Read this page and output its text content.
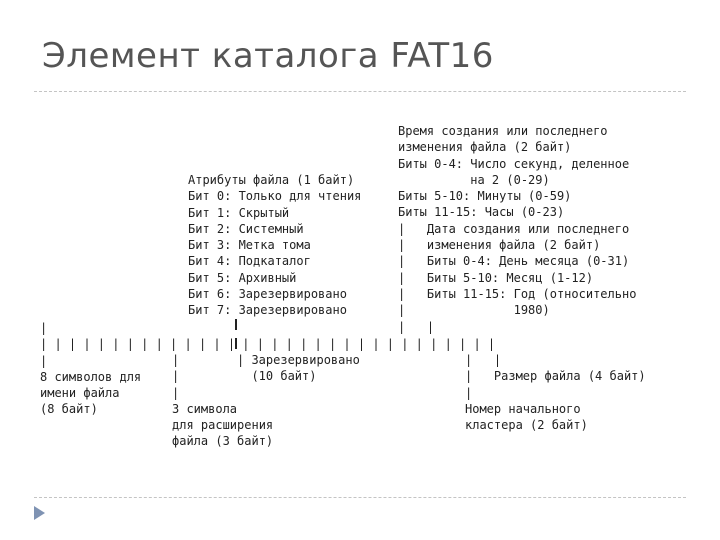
Элемент каталога FAT16
Атрибуты файла (1 байт)
Бит 0: Только для чтения
Бит 1: Скрытый
Бит 2: Системный
Бит 3: Метка тома
Бит 4: Подкаталог
Бит 5: Архивный
Бит 6: Зарезервировано
Бит 7: Зарезервировано
Время создания или последнего
изменения файла (2 байт)
Биты 0-4: Число секунд, деленное
на 2 (0-29)
Биты 5-10: Минуты (0-59)
Биты 11-15: Часы (0-23)
|   Дата создания или последнего
|   изменения файла (2 байт)
|   Биты 0-4: День месяца (0-31)
|   Биты 5-10: Месяц (1-12)
|   Биты 11-15: Год (относительно
|               1980)
|   |
| | | | | | | | | | | | | | | | | | | | | | | | | | | | | | | |
|

|
8 символов для
имени файла
(8 байт)
|
|
|
3 символа
для расширения
файла (3 байт)
| Зарезервировано
(10 байт)
|   |
|   Размер файла (4 байт)
|
Номер начального
кластера (2 байт)
